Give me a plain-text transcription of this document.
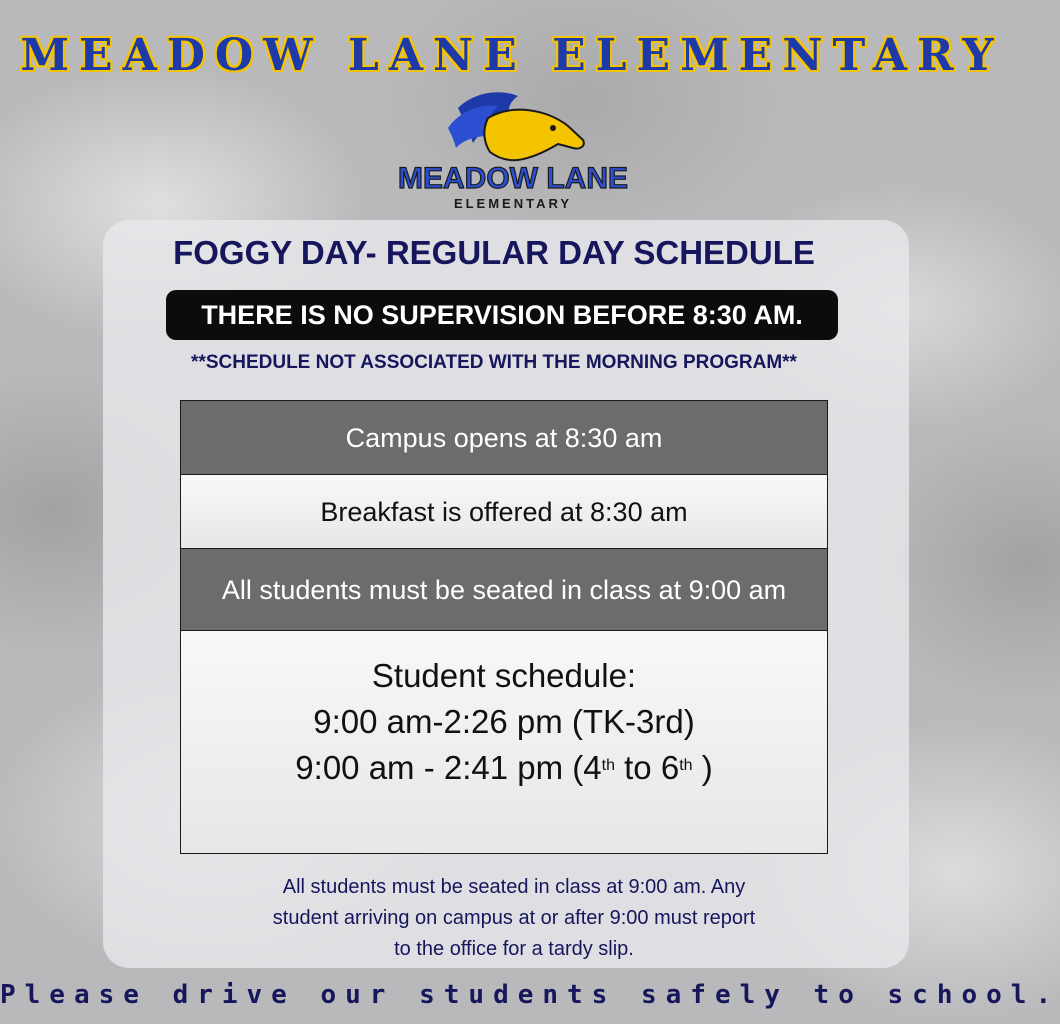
MEADOW LANE ELEMENTARY
MEADOW LANE
ELEMENTARY
FOGGY DAY- REGULAR DAY SCHEDULE
THERE IS NO SUPERVISION BEFORE 8:30 AM.
**SCHEDULE NOT ASSOCIATED WITH THE MORNING PROGRAM**
Campus opens at 8:30 am
Breakfast is offered at 8:30 am
All students must be seated in class at 9:00 am
Student schedule:
9:00 am-2:26 pm (TK-3rd)
9:00 am - 2:41 pm (4th to 6th )
All students must be seated in class at 9:00 am. Any
student arriving on campus at or after 9:00 must report
to the office for a tardy slip.
Please drive our students safely to school.
